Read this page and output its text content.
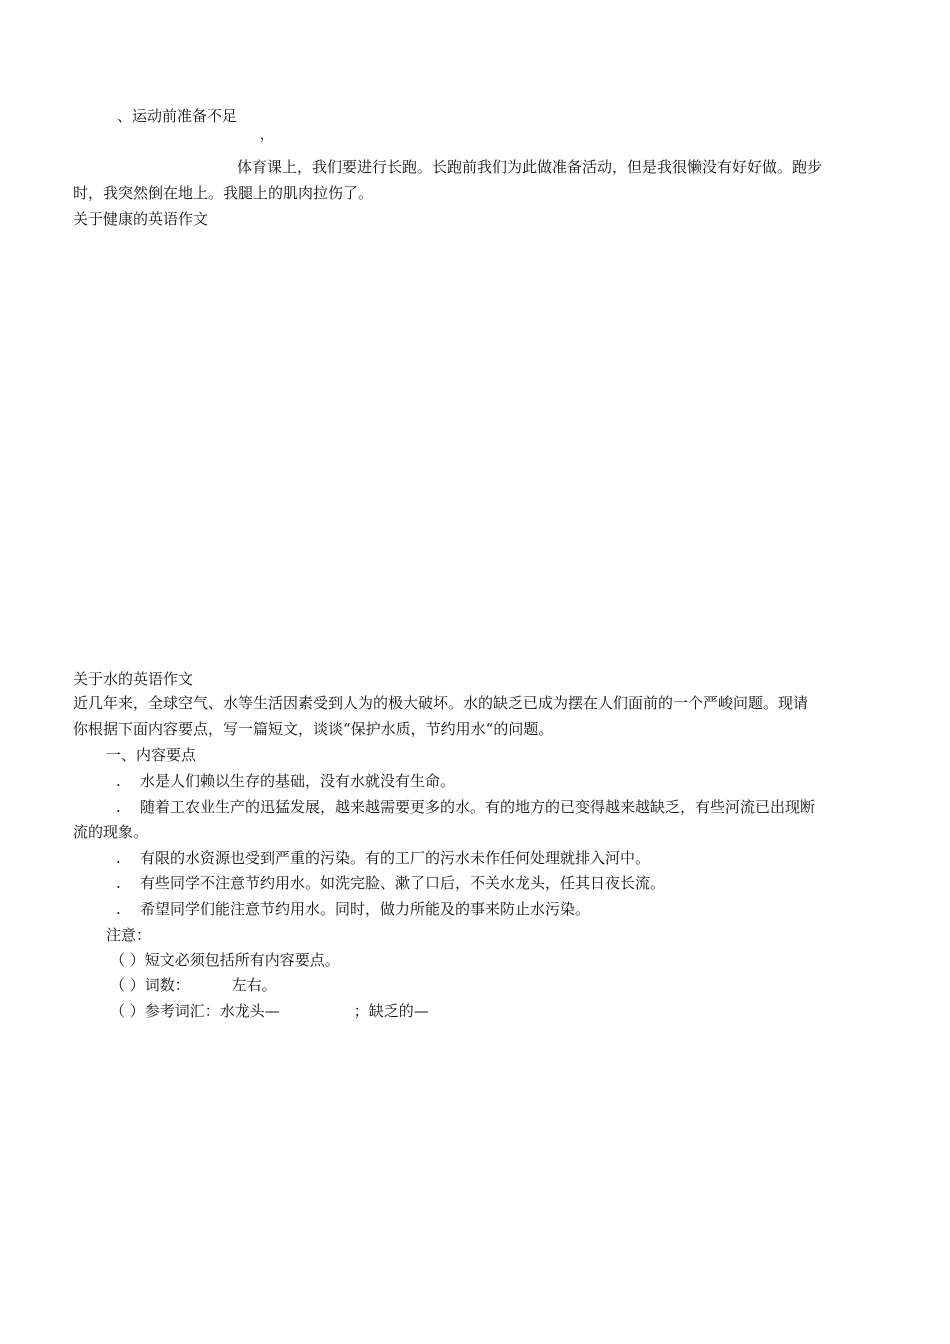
、运动前准备不足
，
体育课上，我们要进行长跑。长跑前我们为此做准备活动，但是我很懒没有好好做。跑步
时，我突然倒在地上。我腿上的肌肉拉伤了。
关于健康的英语作文
关于水的英语作文
近几年来，全球空气、水等生活因素受到人为的极大破坏。水的缺乏已成为摆在人们面前的一个严峻问题。现请
你根据下面内容要点，写一篇短文，谈谈“保护水质，节约用水“的问题。
一、内容要点
. 水是人们赖以生存的基础，没有水就没有生命。
. 随着工农业生产的迅猛发展，越来越需要更多的水。有的地方的已变得越来越缺乏，有些河流已出现断
流的现象。
. 有限的水资源也受到严重的污染。有的工厂的污水未作任何处理就排入河中。
. 有些同学不注意节约用水。如洗完脸、漱了口后，不关水龙头，任其日夜长流。
. 希望同学们能注意节约用水。同时，做力所能及的事来防止水污染。
注意：
（ ）短文必须包括所有内容要点。
（ ）词数：	左右。
（ ）参考词汇：水龙头—	；缺乏的—
